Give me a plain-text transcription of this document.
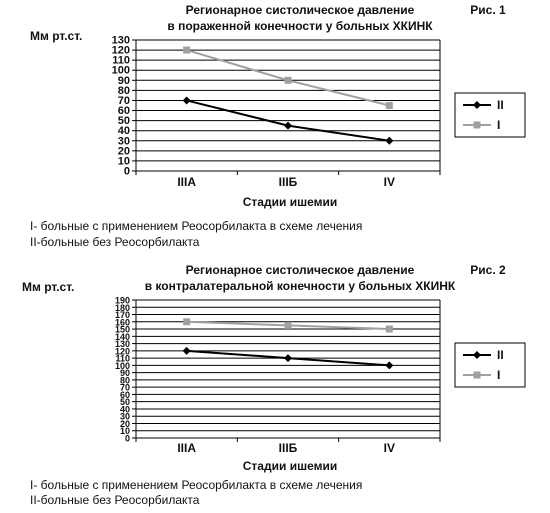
Регионарное систолическое давление
в пораженной конечности у больных ХКИНК
Рис. 1
Мм рт.ст.
0
10
20
30
40
50
60
70
80
90
100
110
120
130
IIIA	IIIБ	IV
Стадии ишемии
II
I
Регионарное систолическое давление
в контралатеральной конечности у больных ХКИНК
Рис. 2
Мм рт.ст.
0
10
20
30
40
50
60
70
80
90
100
110
120
130
140
150
160
170
180
190
IIIA	IIIБ	IV
Стадии ишемии
II
I
I- больные с применением Реосорбилакта в схеме лечения
II-больные без Реосорбилакта
I- больные с применением Реосорбилакта в схеме лечения
II-больные без Реосорбилакта
